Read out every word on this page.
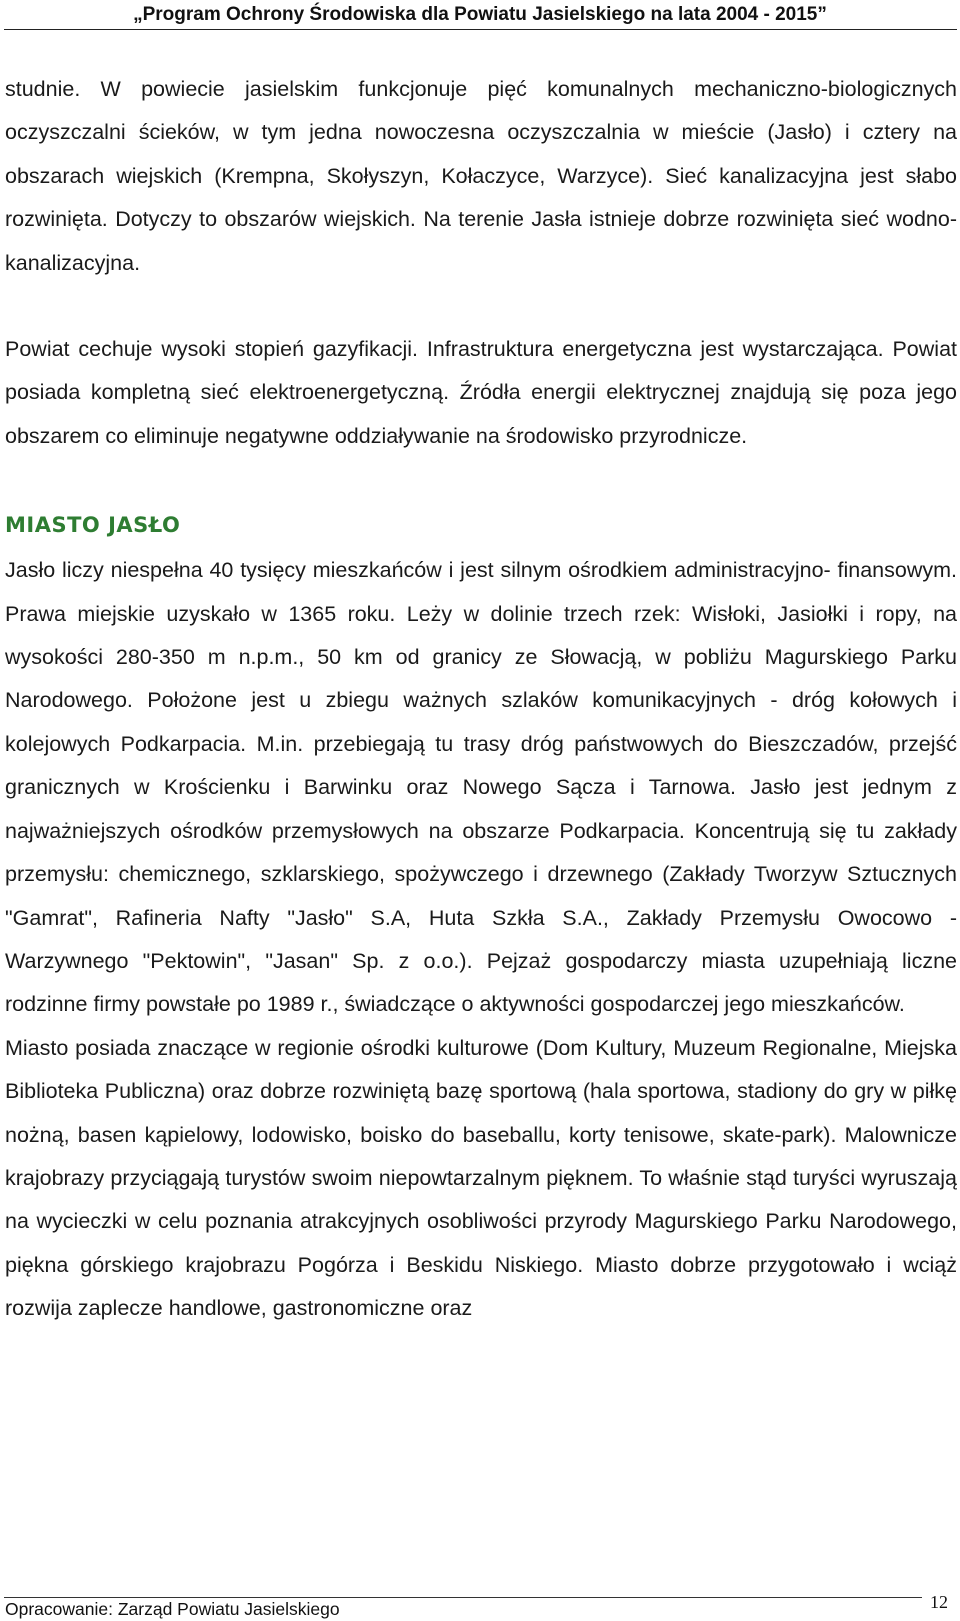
„Program Ochrony Środowiska dla Powiatu Jasielskiego na lata 2004 - 2015”

studnie. W powiecie jasielskim funkcjonuje pięć komunalnych mechaniczno-biologicznych oczyszczalni ścieków, w tym jedna nowoczesna oczyszczalnia w mieście (Jasło) i cztery na obszarach wiejskich (Krempna, Skołyszyn, Kołaczyce, Warzyce). Sieć kanalizacyjna jest słabo rozwinięta. Dotyczy to obszarów wiejskich. Na terenie Jasła istnieje dobrze rozwinięta sieć wodno-kanalizacyjna.

Powiat cechuje wysoki stopień gazyfikacji. Infrastruktura energetyczna jest wystarczająca. Powiat posiada kompletną sieć elektroenergetyczną. Źródła energii elektrycznej znajdują się poza jego obszarem co eliminuje negatywne oddziaływanie na środowisko przyrodnicze.

MIASTO JASŁO

Jasło liczy niespełna 40 tysięcy mieszkańców i jest silnym ośrodkiem administracyjno- finansowym. Prawa miejskie uzyskało w 1365 roku. Leży w dolinie trzech rzek: Wisłoki, Jasiołki i ropy, na wysokości 280-350 m n.p.m., 50 km od granicy ze Słowacją, w pobliżu Magurskiego Parku Narodowego. Położone jest u zbiegu ważnych szlaków komunikacyjnych - dróg kołowych i kolejowych Podkarpacia. M.in. przebiegają tu trasy dróg państwowych do Bieszczadów, przejść granicznych w Krościenku i Barwinku oraz Nowego Sącza i Tarnowa. Jasło jest jednym z najważniejszych ośrodków przemysłowych na obszarze Podkarpacia. Koncentrują się tu zakłady przemysłu: chemicznego, szklarskiego, spożywczego i drzewnego (Zakłady Tworzyw Sztucznych "Gamrat", Rafineria Nafty "Jasło" S.A, Huta Szkła S.A., Zakłady Przemysłu Owocowo - Warzywnego "Pektowin", "Jasan" Sp. z o.o.). Pejzaż gospodarczy miasta uzupełniają liczne rodzinne firmy powstałe po 1989 r., świadczące o aktywności gospodarczej jego mieszkańców.

Miasto posiada znaczące w regionie ośrodki kulturowe (Dom Kultury, Muzeum Regionalne, Miejska Biblioteka Publiczna) oraz dobrze rozwiniętą bazę sportową (hala sportowa, stadiony do gry w piłkę nożną, basen kąpielowy, lodowisko, boisko do baseballu, korty tenisowe, skate-park). Malownicze krajobrazy przyciągają turystów swoim niepowtarzalnym pięknem. To właśnie stąd turyści wyruszają na wycieczki w celu poznania atrakcyjnych osobliwości przyrody Magurskiego Parku Narodowego, piękna górskiego krajobrazu Pogórza i Beskidu Niskiego. Miasto dobrze przygotowało i wciąż rozwija zaplecze handlowe, gastronomiczne oraz

Opracowanie: Zarząd Powiatu Jasielskiego	12
